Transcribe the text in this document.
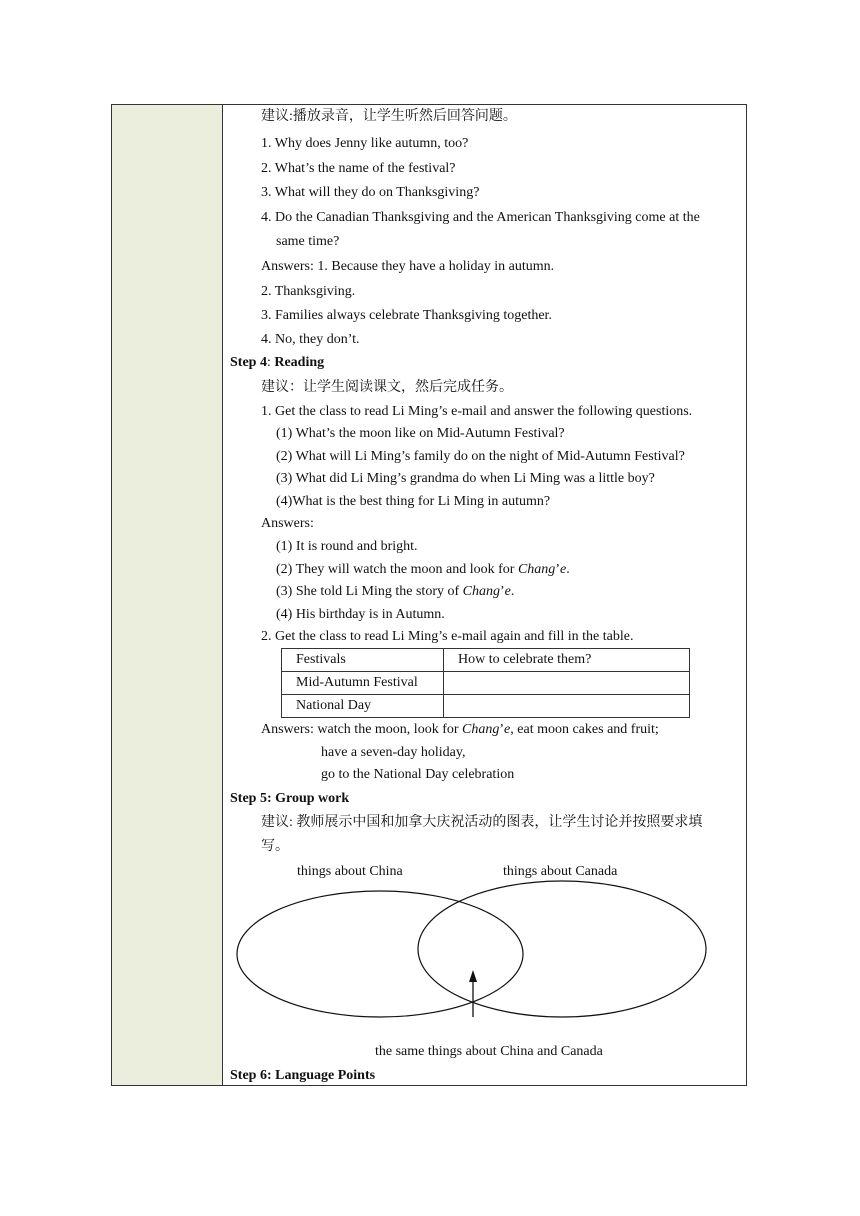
建议:播放录音，让学生听然后回答问题。
1. Why does Jenny like autumn, too?
2. What’s the name of the festival?
3. What will they do on Thanksgiving?
4. Do the Canadian Thanksgiving and the American Thanksgiving come at the
same time?
Answers: 1. Because they have a holiday in autumn.
2. Thanksgiving.
3. Families always celebrate Thanksgiving together.
4. No, they don’t.
Step 4: Reading
建议：让学生阅读课文，然后完成任务。
1. Get the class to read Li Ming’s e-mail and answer the following questions.
(1) What’s the moon like on Mid-Autumn Festival?
(2) What will Li Ming’s family do on the night of Mid-Autumn Festival?
(3) What did Li Ming’s grandma do when Li Ming was a little boy?
(4)What is the best thing for Li Ming in autumn?
Answers:
(1) It is round and bright.
(2) They will watch the moon and look for Chang’e.
(3) She told Li Ming the story of Chang’e.
(4) His birthday is in Autumn.
2. Get the class to read Li Ming’s e-mail again and fill in the table.
Festivals	How to celebrate them?
Mid-Autumn Festival	
National Day	
Answers: watch the moon, look for Chang’e, eat moon cakes and fruit;
have a seven-day holiday,
go to the National Day celebration
Step 5: Group work
建议: 教师展示中国和加拿大庆祝活动的图表，让学生讨论并按照要求填
写。
things about China	things about Canada
the same things about China and Canada
Step 6: Language Points
